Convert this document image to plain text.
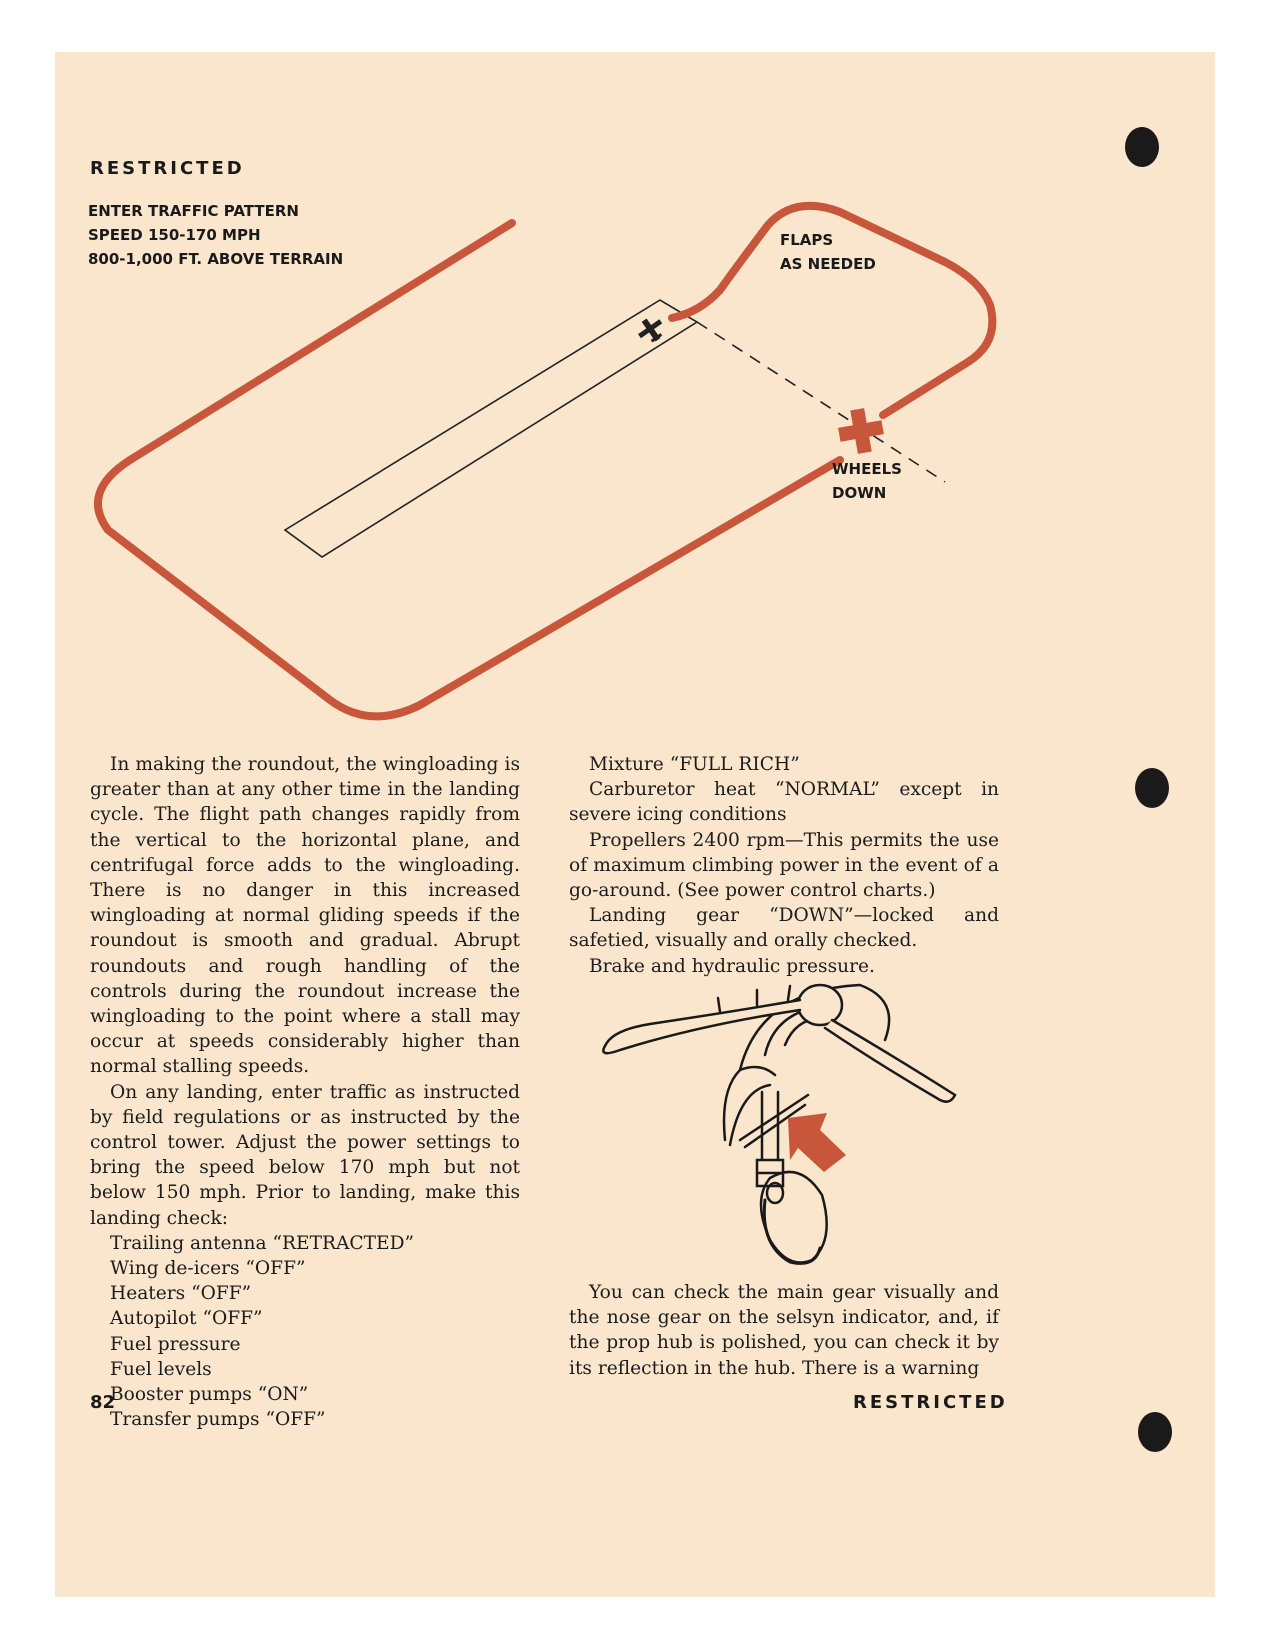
RESTRICTED
ENTER TRAFFIC PATTERN
SPEED 150-170 MPH
800-1,000 FT. ABOVE TERRAIN
FLAPS
AS NEEDED
WHEELS
DOWN

In making the roundout, the wingloading is greater than at any other time in the landing cycle. The flight path changes rapidly from the vertical to the horizontal plane, and centrifugal force adds to the wingloading. There is no danger in this increased wingloading at normal gliding speeds if the roundout is smooth and gradual. Abrupt roundouts and rough handling of the controls during the roundout increase the wingloading to the point where a stall may occur at speeds considerably higher than normal stalling speeds.

On any landing, enter traffic as instructed by field regulations or as instructed by the control tower. Adjust the power settings to bring the speed below 170 mph but not below 150 mph. Prior to landing, make this landing check:

Trailing antenna “RETRACTED”
Wing de-icers “OFF”
Heaters “OFF”
Autopilot “OFF”
Fuel pressure
Fuel levels
Booster pumps “ON”
Transfer pumps “OFF”
Mixture “FULL RICH”
Carburetor heat “NORMAL” except in severe icing conditions
Propellers 2400 rpm—This permits the use of maximum climbing power in the event of a go-around. (See power control charts.)
Landing gear “DOWN”—locked and safetied, visually and orally checked.
Brake and hydraulic pressure.

You can check the main gear visually and the nose gear on the selsyn indicator, and, if the prop hub is polished, you can check it by its reflection in the hub. There is a warning

82	RESTRICTED
